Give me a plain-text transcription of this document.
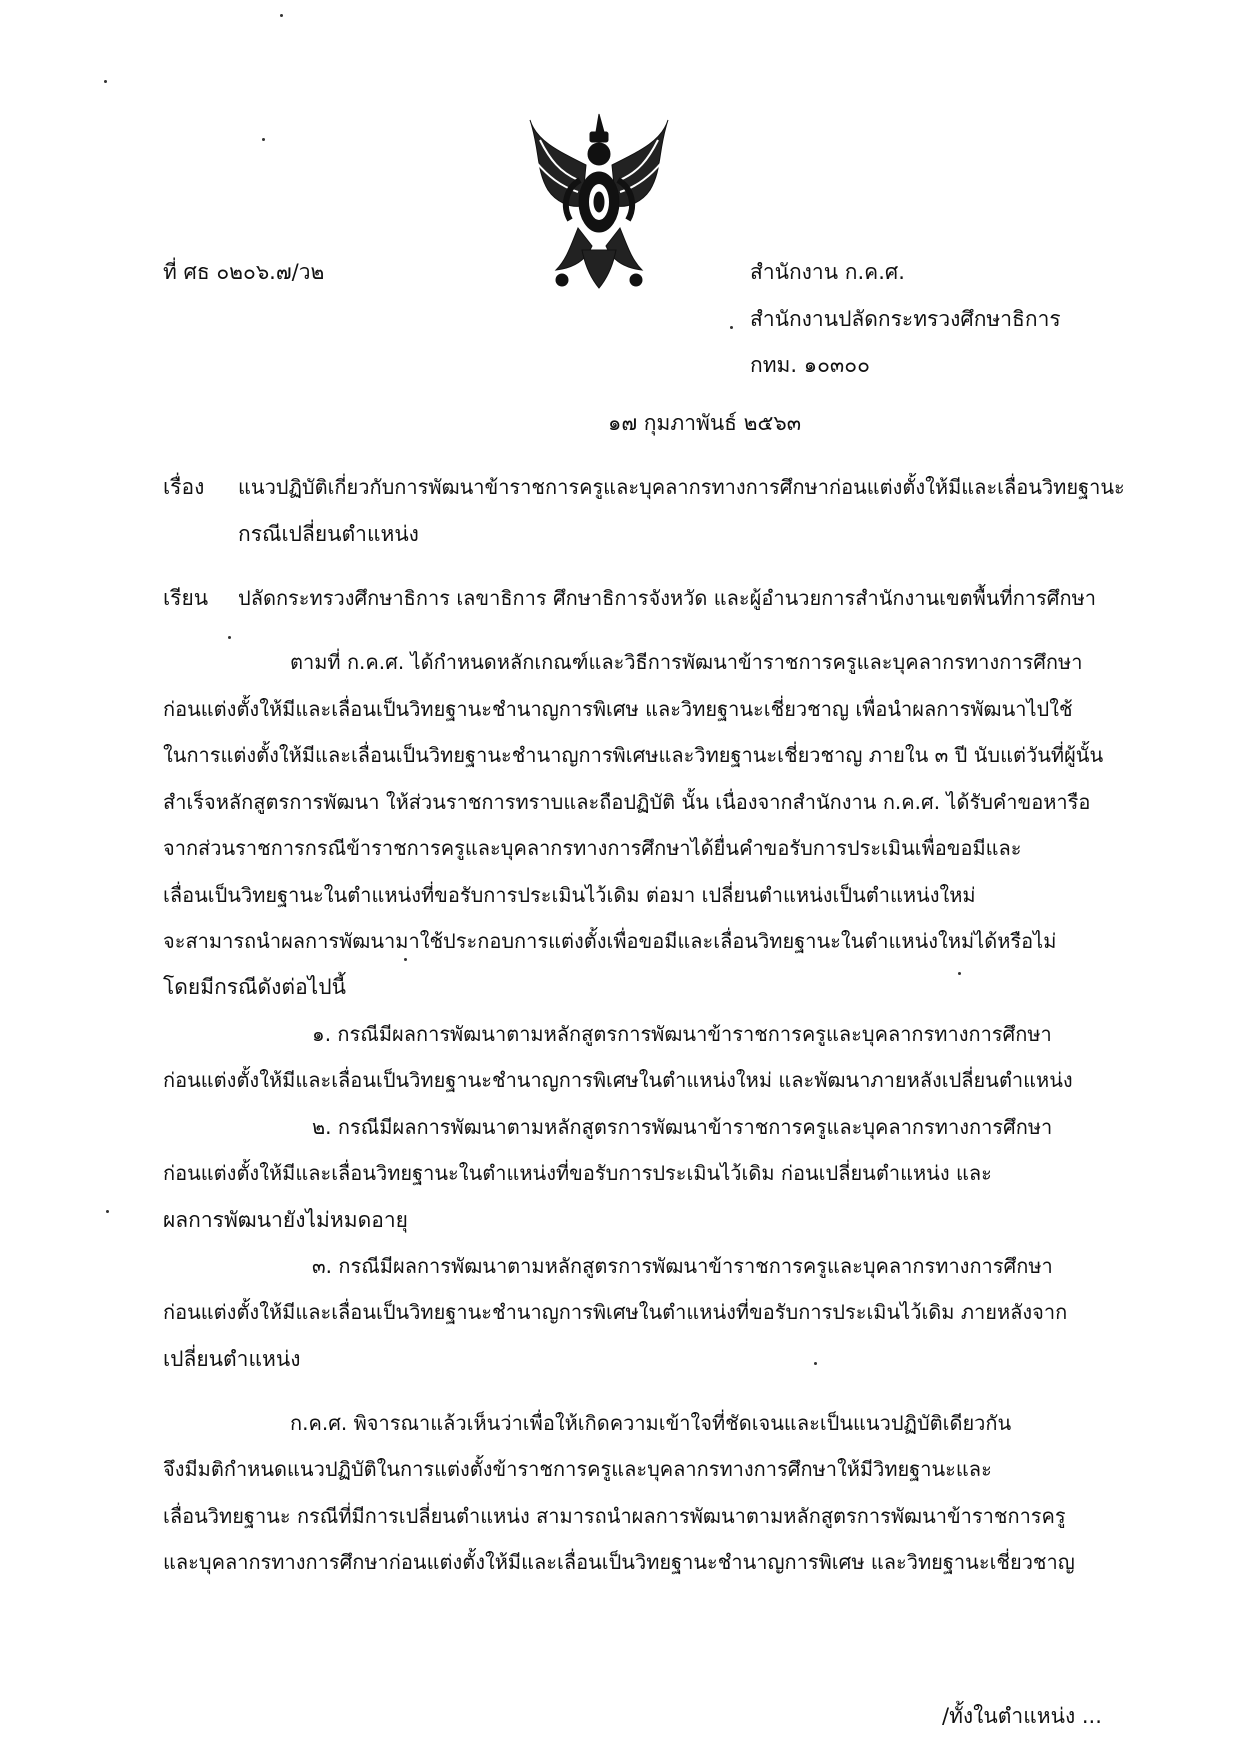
ที่ ศธ ๐๒๐๖.๗/ว๒	สำนักงาน ก.ค.ศ.
สำนักงานปลัดกระทรวงศึกษาธิการ
กทม. ๑๐๓๐๐
๑๗ กุมภาพันธ์ ๒๕๖๓
เรื่อง แนวปฏิบัติเกี่ยวกับการพัฒนาข้าราชการครูและบุคลากรทางการศึกษาก่อนแต่งตั้งให้มีและเลื่อนวิทยฐานะ
กรณีเปลี่ยนตำแหน่ง
เรียน ปลัดกระทรวงศึกษาธิการ เลขาธิการ ศึกษาธิการจังหวัด และผู้อำนวยการสำนักงานเขตพื้นที่การศึกษา
ตามที่ ก.ค.ศ. ได้กำหนดหลักเกณฑ์และวิธีการพัฒนาข้าราชการครูและบุคลากรทางการศึกษา
ก่อนแต่งตั้งให้มีและเลื่อนเป็นวิทยฐานะชำนาญการพิเศษ และวิทยฐานะเชี่ยวชาญ เพื่อนำผลการพัฒนาไปใช้
ในการแต่งตั้งให้มีและเลื่อนเป็นวิทยฐานะชำนาญการพิเศษและวิทยฐานะเชี่ยวชาญ ภายใน ๓ ปี นับแต่วันที่ผู้นั้น
สำเร็จหลักสูตรการพัฒนา ให้ส่วนราชการทราบและถือปฏิบัติ นั้น เนื่องจากสำนักงาน ก.ค.ศ. ได้รับคำขอหารือ
จากส่วนราชการกรณีข้าราชการครูและบุคลากรทางการศึกษาได้ยื่นคำขอรับการประเมินเพื่อขอมีและ
เลื่อนเป็นวิทยฐานะในตำแหน่งที่ขอรับการประเมินไว้เดิม ต่อมา เปลี่ยนตำแหน่งเป็นตำแหน่งใหม่
จะสามารถนำผลการพัฒนามาใช้ประกอบการแต่งตั้งเพื่อขอมีและเลื่อนวิทยฐานะในตำแหน่งใหม่ได้หรือไม่
โดยมีกรณีดังต่อไปนี้
๑. กรณีมีผลการพัฒนาตามหลักสูตรการพัฒนาข้าราชการครูและบุคลากรทางการศึกษา
ก่อนแต่งตั้งให้มีและเลื่อนเป็นวิทยฐานะชำนาญการพิเศษในตำแหน่งใหม่ และพัฒนาภายหลังเปลี่ยนตำแหน่ง
๒. กรณีมีผลการพัฒนาตามหลักสูตรการพัฒนาข้าราชการครูและบุคลากรทางการศึกษา
ก่อนแต่งตั้งให้มีและเลื่อนวิทยฐานะในตำแหน่งที่ขอรับการประเมินไว้เดิม ก่อนเปลี่ยนตำแหน่ง และ
ผลการพัฒนายังไม่หมดอายุ
๓. กรณีมีผลการพัฒนาตามหลักสูตรการพัฒนาข้าราชการครูและบุคลากรทางการศึกษา
ก่อนแต่งตั้งให้มีและเลื่อนเป็นวิทยฐานะชำนาญการพิเศษในตำแหน่งที่ขอรับการประเมินไว้เดิม ภายหลังจาก
เปลี่ยนตำแหน่ง
ก.ค.ศ. พิจารณาแล้วเห็นว่าเพื่อให้เกิดความเข้าใจที่ชัดเจนและเป็นแนวปฏิบัติเดียวกัน
จึงมีมติกำหนดแนวปฏิบัติในการแต่งตั้งข้าราชการครูและบุคลากรทางการศึกษาให้มีวิทยฐานะและ
เลื่อนวิทยฐานะ กรณีที่มีการเปลี่ยนตำแหน่ง สามารถนำผลการพัฒนาตามหลักสูตรการพัฒนาข้าราชการครู
และบุคลากรทางการศึกษาก่อนแต่งตั้งให้มีและเลื่อนเป็นวิทยฐานะชำนาญการพิเศษ และวิทยฐานะเชี่ยวชาญ
/ทั้งในตำแหน่ง ...
